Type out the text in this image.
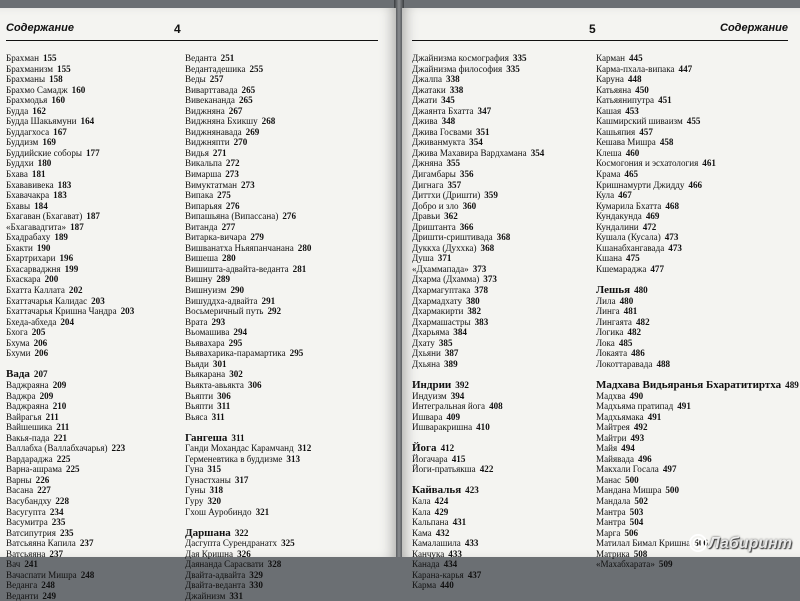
Содержание	4
Брахман 155
Брахманизм 155
Брахманы 158
Брахмо Самадж 160
Брахмодья 160
Будда 162
Будда Шакьямуни 164
Буддагхоса 167
Буддизм 169
Буддийские соборы 177
Буддхи 180
Бхава 181
Бхававивека 183
Бхавачакра 183
Бхавы 184
Бхагаван (Бхагават) 187
«Бхагавадгита» 187
Бхадрабаху 189
Бхакти 190
Бхартрихари 196
Бхасарваджня 199
Бхаскара 200
Бхатта Каллата 202
Бхаттачарья Калидас 203
Бхаттачарья Кришна Чандра 203
Бхеда-абхеда 204
Бхога 205
Бхума 206
Бхуми 206
Вада 207
Ваджраяна 209
Ваджра 209
Ваджраяна 210
Вайрагья 211
Вайшешика 211
Вакья-пада 221
Валлабха (Валлабхачарья) 223
Вардараджа 225
Варна-ашрама 225
Варны 226
Васана 227
Васубандху 228
Васугупта 234
Васумитра 235
Ватсипутрия 235
Ватсьяяна Капила 237
Ватсьяяна 237
Вач 241
Вачаспати Мишра 248
Веданга 248
Веданти 249
Веданта 251
Ведантадешика 255
Веды 257
Виварттавада 265
Вивекананда 265
Виджняна 267
Виджняна Бхикшу 268
Виджнянавада 269
Виджняпти 270
Видья 271
Викальпа 272
Вимарша 273
Вимуктатман 273
Випака 275
Випарьяя 276
Випашьяна (Випассана) 276
Витанда 277
Витарка-вичара 279
Вишванатха Ньяяпанчанана 280
Вишеша 280
Вишишта-адвайта-веданта 281
Вишну 289
Вишнуизм 290
Вишуддха-адвайта 291
Восьмеричный путь 292
Врата 293
Вьомашива 294
Вьявахара 295
Вьявахарика-парамартика 295
Вьяди 301
Вьякарана 302
Вьякта-авьякта 306
Вьяпти 306
Вьяпти 311
Вьяса 311
Гангеша 311
Ганди Мохандас Карамчанд 312
Герменевтика в буддизме 313
Гуна 315
Гунастханы 317
Гуны 318
Гуру 320
Гхош Ауробиндо 321
Даршана 322
Дасгупта Сурендранатх 325
Дая Кришна 326
Даянанда Сарасвати 328
Двайта-адвайта 329
Двайта-веданта 330
Джайнизм 331
5	Содержание
Джайнизма космография 335
Джайнизма философия 335
Джалпа 338
Джатаки 338
Джати 345
Джаянта Бхатта 347
Джива 348
Джива Госвами 351
Дживанмукта 354
Джива Махавира Вардхамана 354
Джняна 355
Дигамбары 356
Дигнага 357
Диттхи (Дришти) 359
Добро и зло 360
Дравьи 362
Дриштанта 366
Дришти-сриштивада 368
Дуккха (Духхка) 368
Душа 371
«Дхаммапада» 373
Дхарма (Дхамма) 373
Дхармагуптака 378
Дхармадхату 380
Дхармакирти 382
Дхармашастры 383
Дхарьяма 384
Дхату 385
Дхьяни 387
Дхьяна 389
Индрии 392
Индуизм 394
Интегральная йога 408
Ишвара 409
Ишваракришна 410
Йога 412
Йогачара 415
Йоги-пратьякша 422
Кайвалья 423
Кала 424
Кала 429
Кальпана 431
Кама 432
Камалашила 433
Канчука 433
Канада 434
Карана-карья 437
Карма 440
Карман 445
Карма-пхала-випака 447
Каруна 448
Катьяяна 450
Катьяянипутра 451
Кашая 453
Кашмирский шиваизм 455
Кашьяпия 457
Кешава Мишра 458
Клеша 460
Космогония и эсхатология 461
Крама 465
Кришнамурти Джидду 466
Кула 467
Кумарила Бхатта 468
Кундакунда 469
Кундалини 472
Кушала (Кусала) 473
Кшанабхангавада 473
Кшана 475
Кшемараджа 477
Лешья 480
Лила 480
Линга 481
Лингаята 482
Логика 482
Лока 485
Локаята 486
Локоттаравада 488
Мадхава Видьяранья Бхаратитиртха 489
Мадхва 490
Мадхьяма пратипад 491
Мадхьямака 491
Майтрея 492
Майтри 493
Майя 494
Майявада 496
Макхали Госала 497
Манас 500
Мандана Мишра 500
Мандала 502
Мантра 503
Мантра 504
Марга 506
Матилал Бимал Кришна 506
Матрика 508
«Махабхарата» 509
Лабиринт
